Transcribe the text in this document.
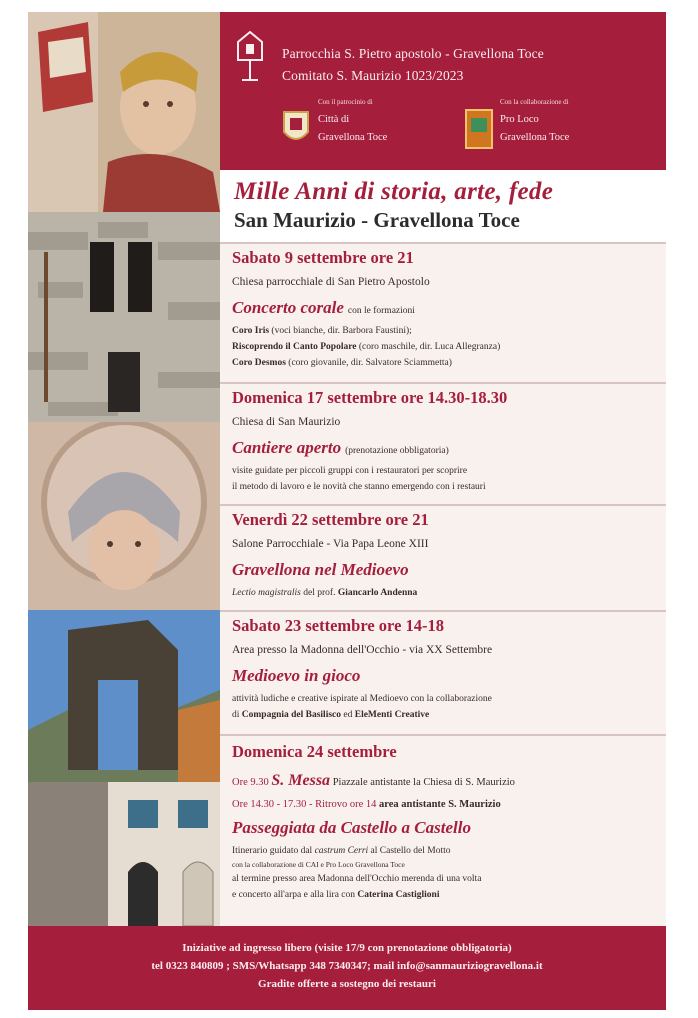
Parrocchia S. Pietro apostolo - Gravellona Toce
Comitato S. Maurizio 1023/2023
Con il patrocinio di
Città di
Gravellona Toce
Con la collaborazione di
Pro Loco
Gravellona Toce
Mille Anni di storia, arte, fede
San Maurizio - Gravellona Toce
Sabato 9 settembre ore 21
Chiesa parrocchiale di San Pietro Apostolo
Concerto corale con le formazioni
Coro Iris (voci bianche, dir. Barbora Faustini);
Riscoprendo il Canto Popolare (coro maschile, dir. Luca Allegranza)
Coro Desmos (coro giovanile, dir. Salvatore Sciammetta)
Domenica 17 settembre ore 14.30-18.30
Chiesa di San Maurizio
Cantiere aperto (prenotazione obbligatoria)
visite guidate per piccoli gruppi con i restauratori per scoprire
il metodo di lavoro e le novità che stanno emergendo con i restauri
Venerdì 22 settembre ore 21
Salone Parrocchiale - Via Papa Leone XIII
Gravellona nel Medioevo
Lectio magistralis del prof. Giancarlo Andenna
Sabato 23 settembre ore 14-18
Area presso la Madonna dell'Occhio - via XX Settembre
Medioevo in gioco
attività ludiche e creative ispirate al Medioevo con la collaborazione
di Compagnia del Basilisco ed EleMenti Creative
Domenica 24 settembre
Ore 9.30 S. Messa Piazzale antistante la Chiesa di S. Maurizio
Ore 14.30 - 17.30 - Ritrovo ore 14 area antistante S. Maurizio
Passeggiata da Castello a Castello
Itinerario guidato dal castrum Cerri al Castello del Motto
con la collaborazione di CAI e Pro Loco Gravellona Toce
al termine presso area Madonna dell'Occhio merenda di una volta
e concerto all'arpa e alla lira con Caterina Castiglioni
Iniziative ad ingresso libero (visite 17/9 con prenotazione obbligatoria)
tel 0323 840809 ; SMS/Whatsapp 348 7340347; mail info@sanmauriziogravellona.it
Gradite offerte a sostegno dei restauri
